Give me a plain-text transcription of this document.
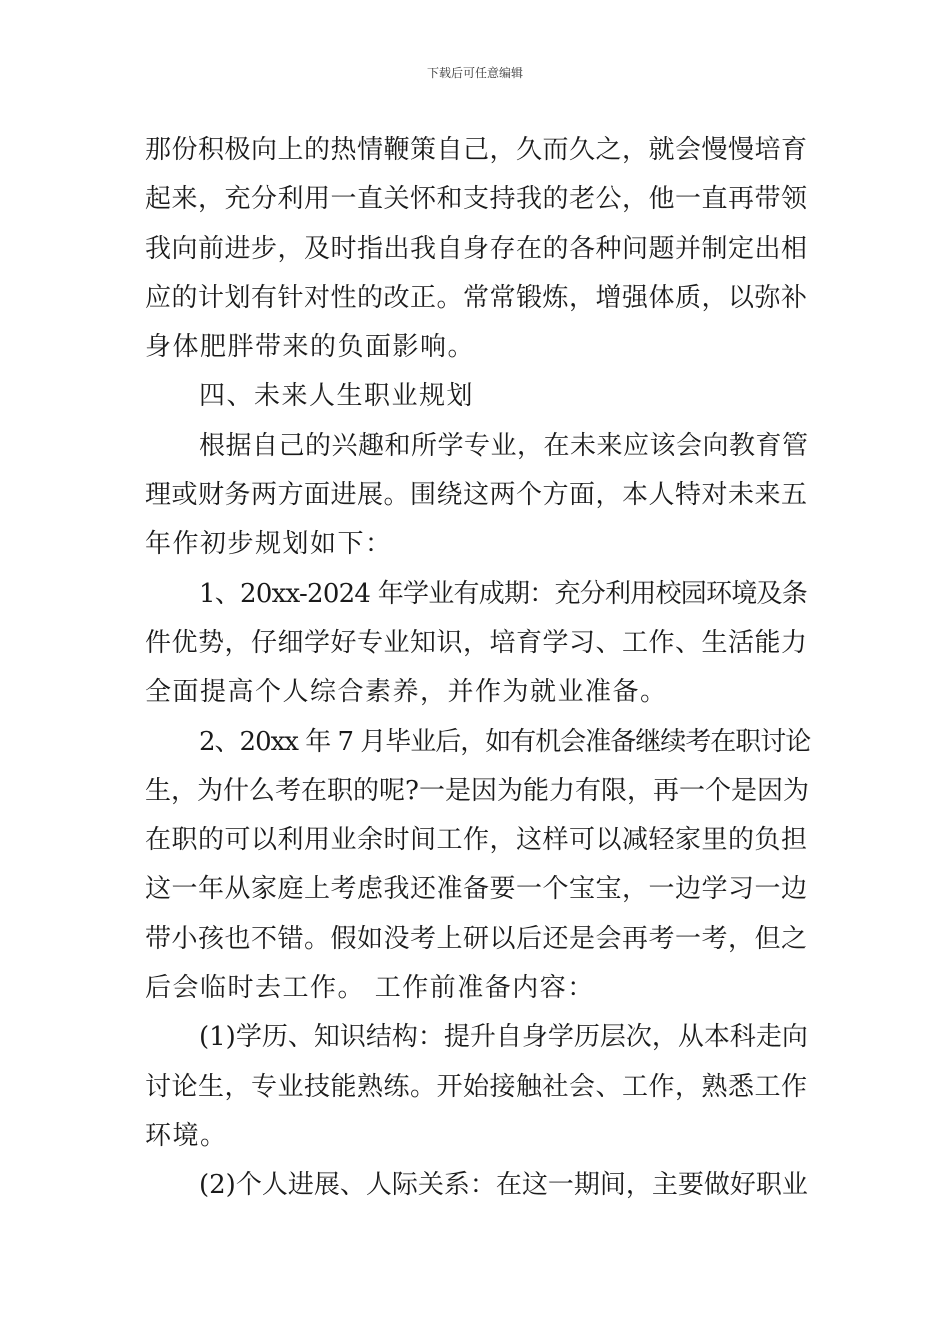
下载后可任意编辑
那份积极向上的热情鞭策自己，久而久之，就会慢慢培育
起来，充分利用一直关怀和支持我的老公，他一直再带领
我向前进步，及时指出我自身存在的各种问题并制定出相
应的计划有针对性的改正。常常锻炼，增强体质，以弥补
身体肥胖带来的负面影响。
四、未来人生职业规划
根据自己的兴趣和所学专业，在未来应该会向教育管
理或财务两方面进展。围绕这两个方面，本人特对未来五
年作初步规划如下：
1、20xx-2024 年学业有成期：充分利用校园环境及条
件优势，仔细学好专业知识，培育学习、工作、生活能力
全面提高个人综合素养，并作为就业准备。
2、20xx 年 7 月毕业后，如有机会准备继续考在职讨论
生，为什么考在职的呢?一是因为能力有限，再一个是因为
在职的可以利用业余时间工作，这样可以减轻家里的负担
这一年从家庭上考虑我还准备要一个宝宝，一边学习一边
带小孩也不错。假如没考上研以后还是会再考一考，但之
后会临时去工作。 工作前准备内容：
(1)学历、知识结构：提升自身学历层次，从本科走向
讨论生，专业技能熟练。开始接触社会、工作，熟悉工作
环境。
(2)个人进展、人际关系：在这一期间，主要做好职业
